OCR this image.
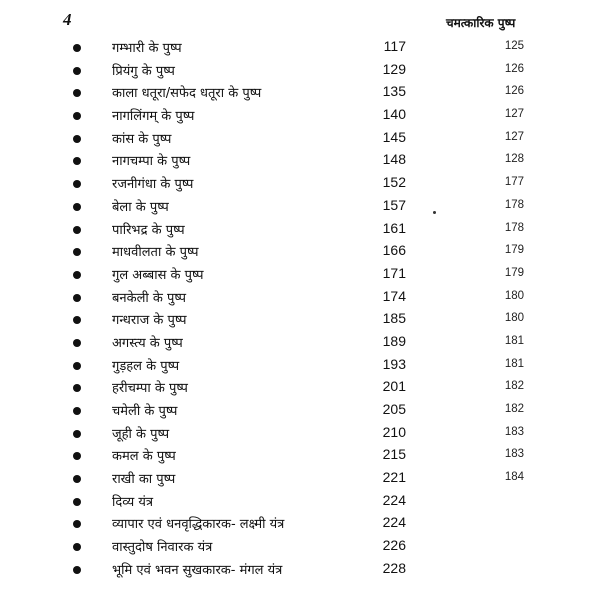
4	चमत्कारिक पुष्प
गम्भारी के पुष्प	117	125
प्रियंगु के पुष्प	129	126
काला धतूरा/सफेद धतूरा के पुष्प	135	126
नागलिंगम् के पुष्प	140	127
कांस के पुष्प	145	127
नागचम्पा के पुष्प	148	128
रजनीगंधा के पुष्प	152	177
बेला के पुष्प	157	178
पारिभद्र के पुष्प	161	178
माधवीलता के पुष्प	166	179
गुल अब्बास के पुष्प	171	179
बनकेली के पुष्प	174	180
गन्धराज के पुष्प	185	180
अगस्त्य के पुष्प	189	181
गुड़हल के पुष्प	193	181
हरीचम्पा के पुष्प	201	182
चमेली के पुष्प	205	182
जूही के पुष्प	210	183
कमल के पुष्प	215	183
राखी का पुष्प	221	184
दिव्य यंत्र	224
व्यापार एवं धनवृद्धिकारक- लक्ष्मी यंत्र	224
वास्तुदोष निवारक यंत्र	226
भूमि एवं भवन सुखकारक- मंगल यंत्र	228
